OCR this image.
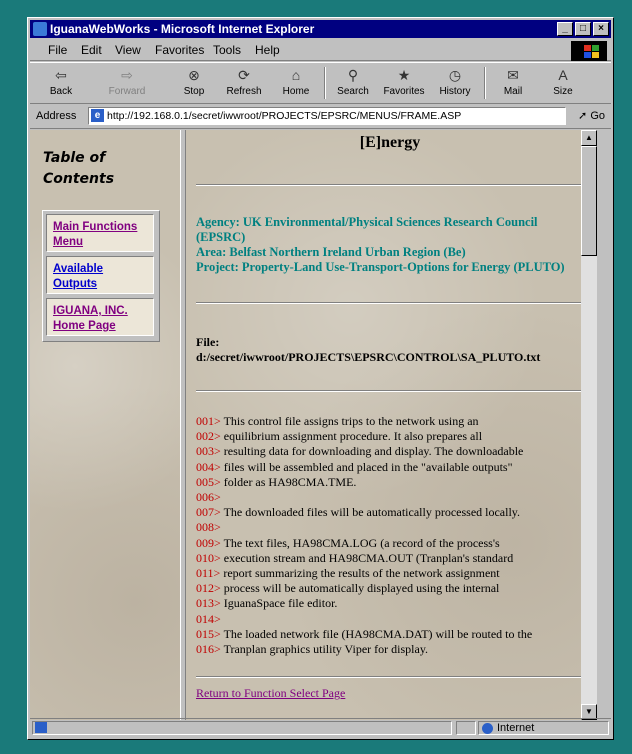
IguanaWebWorks - Microsoft Internet Explorer	_	□	×
File Edit View Favorites Tools Help
⇦
Back
⇨
Forward
⊗
Stop
⟳
Refresh
⌂
Home
⚲
Search
★
Favorites
◷
History
✉
Mail
A
Size
Address	e http://192.168.0.1/secret/iwwroot/PROJECTS/EPSRC/MENUS/FRAME.ASP	➚ Go
Table of
Contents
Main Functions
Menu
Available
Outputs
IGUANA, INC.
Home Page
[E]nergy
Agency: UK Environmental/Physical Sciences Research Council (EPSRC)
Area: Belfast Northern Ireland Urban Region (Be)
Project: Property-Land Use-Transport-Options for Energy (PLUTO)
File:
d:/secret/iwwroot/PROJECTS\EPSRC\CONTROL\SA_PLUTO.txt
001> This control file assigns trips to the network using an
002> equilibrium assignment procedure. It also prepares all
003> resulting data for downloading and display. The downloadable
004> files will be assembled and placed in the "available outputs"
005> folder as HA98CMA.TME.
006>
007> The downloaded files will be automatically processed locally.
008>
009> The text files, HA98CMA.LOG (a record of the process's
010> execution stream and HA98CMA.OUT (Tranplan's standard
011> report summarizing the results of the network assignment
012> process will be automatically displayed using the internal
013> IguanaSpace file editor.
014>
015> The loaded network file (HA98CMA.DAT) will be routed to the
016> Tranplan graphics utility Viper for display.
Return to Function Select Page
▲
▼
Internet
